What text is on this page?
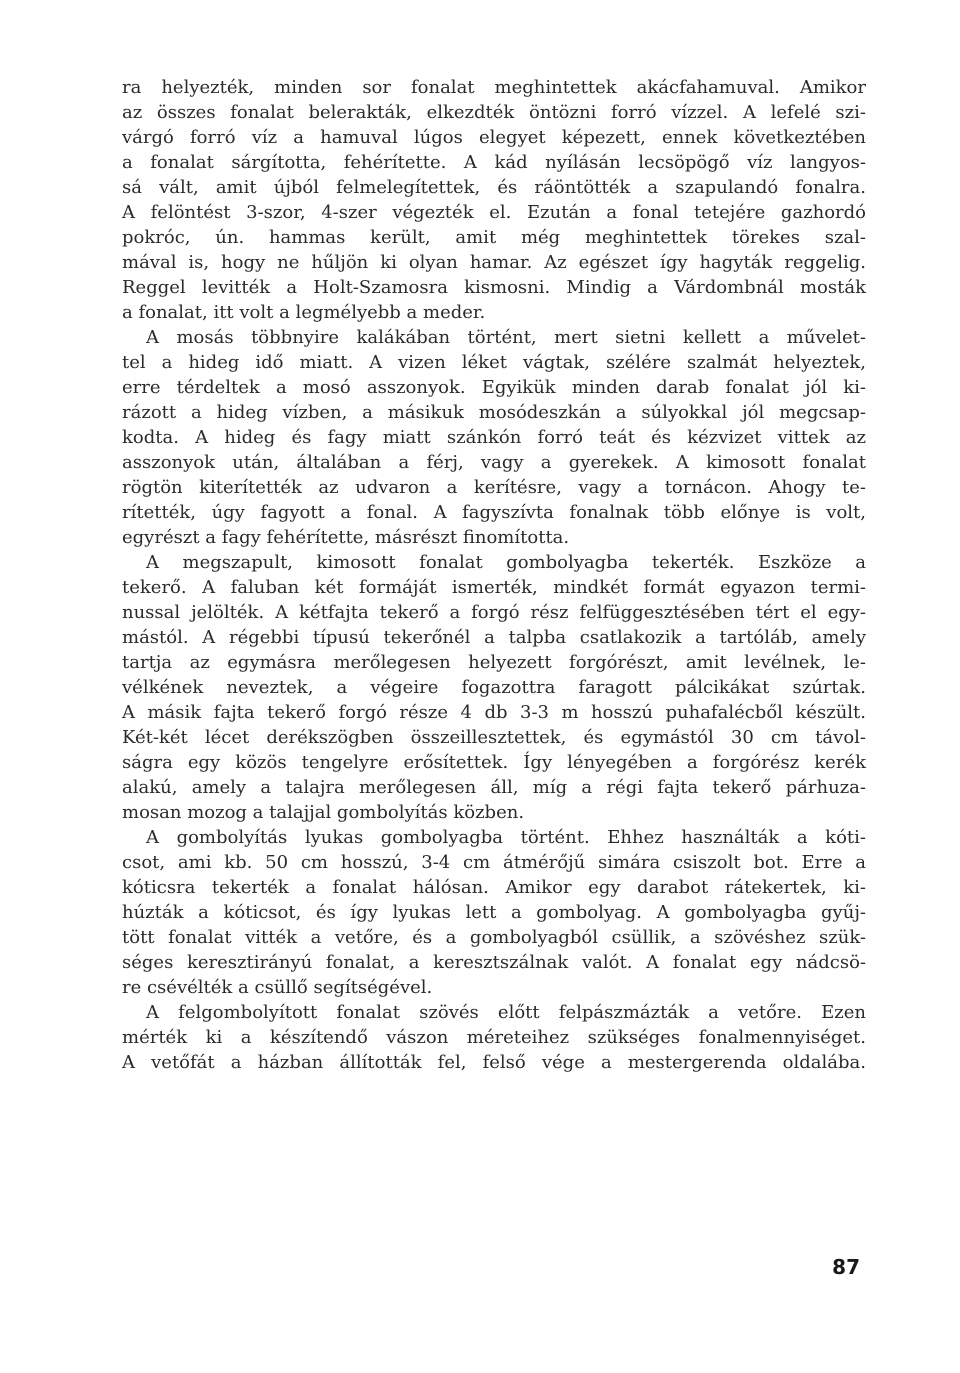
ra helyezték, minden sor fonalat meghintettek akácfahamuval. Amikor
az összes fonalat belerakták, elkezdték öntözni forró vízzel. A lefelé szi-
várgó forró víz a hamuval lúgos elegyet képezett, ennek következtében
a fonalat sárgította, fehérítette. A kád nyílásán lecsöpögő víz langyos-
sá vált, amit újból felmelegítettek, és ráöntötték a szapulandó fonalra.
A felöntést 3-szor, 4-szer végezték el. Ezután a fonal tetejére gazhordó
pokróc, ún. hammas került, amit még meghintettek törekes szal-
mával is, hogy ne hűljön ki olyan hamar. Az egészet így hagyták reggelig.
Reggel levitték a Holt-Szamosra kismosni. Mindig a Várdombnál mosták
a fonalat, itt volt a legmélyebb a meder.
A mosás többnyire kalákában történt, mert sietni kellett a művelet-
tel a hideg idő miatt. A vizen léket vágtak, szélére szalmát helyeztek,
erre térdeltek a mosó asszonyok. Egyikük minden darab fonalat jól ki-
rázott a hideg vízben, a másikuk mosódeszkán a súlyokkal jól megcsap-
kodta. A hideg és fagy miatt szánkón forró teát és kézvizet vittek az
asszonyok után, általában a férj, vagy a gyerekek. A kimosott fonalat
rögtön kiterítették az udvaron a kerítésre, vagy a tornácon. Ahogy te-
rítették, úgy fagyott a fonal. A fagyszívta fonalnak több előnye is volt,
egyrészt a fagy fehérítette, másrészt finomította.
A megszapult, kimosott fonalat gombolyagba tekerték. Eszköze a
tekerő. A faluban két formáját ismerték, mindkét formát egyazon termi-
nussal jelölték. A kétfajta tekerő a forgó rész felfüggesztésében tért el egy-
mástól. A régebbi típusú tekerőnél a talpba csatlakozik a tartóláb, amely
tartja az egymásra merőlegesen helyezett forgórészt, amit levélnek, le-
vélkének neveztek, a végeire fogazottra faragott pálcikákat szúrtak.
A másik fajta tekerő forgó része 4 db 3-3 m hosszú puhafalécből készült.
Két-két lécet derékszögben összeillesztettek, és egymástól 30 cm távol-
ságra egy közös tengelyre erősítettek. Így lényegében a forgórész kerék
alakú, amely a talajra merőlegesen áll, míg a régi fajta tekerő párhuza-
mosan mozog a talajjal gombolyítás közben.
A gombolyítás lyukas gombolyagba történt. Ehhez használták a kóti-
csot, ami kb. 50 cm hosszú, 3-4 cm átmérőjű simára csiszolt bot. Erre a
kóticsra tekerték a fonalat hálósan. Amikor egy darabot rátekertek, ki-
húzták a kóticsot, és így lyukas lett a gombolyag. A gombolyagba gyűj-
tött fonalat vitték a vetőre, és a gombolyagból csüllik, a szövéshez szük-
séges keresztirányú fonalat, a keresztszálnak valót. A fonalat egy nádcsö-
re csévélték a csüllő segítségével.
A felgombolyított fonalat szövés előtt felpászmázták a vetőre. Ezen
mérték ki a készítendő vászon méreteihez szükséges fonalmennyiséget.
A vetőfát a házban állították fel, felső vége a mestergerenda oldalába.
87
